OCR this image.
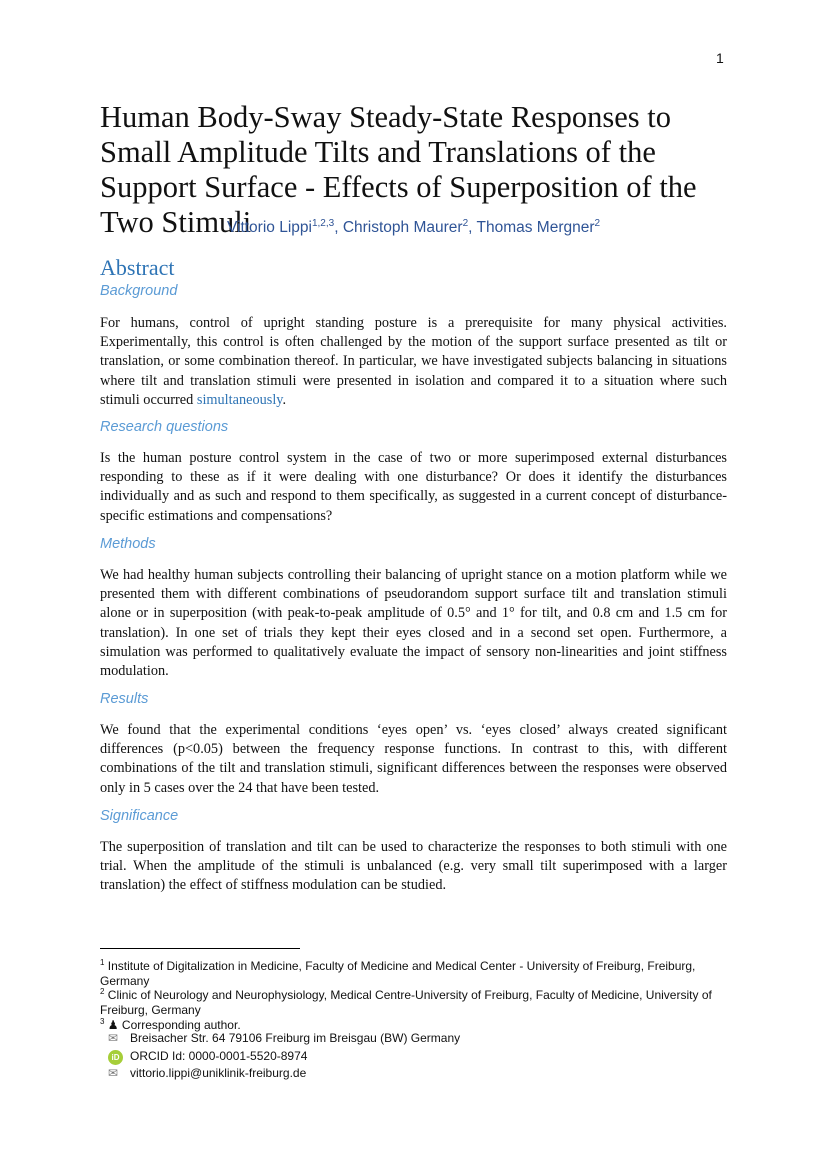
1
Human Body-Sway Steady-State Responses to Small Amplitude Tilts and Translations of the Support Surface - Effects of Superposition of the Two Stimuli
Vittorio Lippi$^{1,2,3}$, Christoph Maurer$^2$, Thomas Mergner$^2$
Abstract
Background
For humans, control of upright standing posture is a prerequisite for many physical activities. Experimentally, this control is often challenged by the motion of the support surface presented as tilt or translation, or some combination thereof. In particular, we have investigated subjects balancing in situations where tilt and translation stimuli were presented in isolation and compared it to a situation where such stimuli occurred simultaneously.
Research questions
Is the human posture control system in the case of two or more superimposed external disturbances responding to these as if it were dealing with one disturbance? Or does it identify the disturbances individually and as such and respond to them specifically, as suggested in a current concept of disturbance-specific estimations and compensations?
Methods
We had healthy human subjects controlling their balancing of upright stance on a motion platform while we presented them with different combinations of pseudorandom support surface tilt and translation stimuli alone or in superposition (with peak-to-peak amplitude of 0.5° and 1° for tilt, and 0.8 cm and 1.5 cm for translation). In one set of trials they kept their eyes closed and in a second set open. Furthermore, a simulation was performed to qualitatively evaluate the impact of sensory non-linearities and joint stiffness modulation.
Results
We found that the experimental conditions ‘eyes open’ vs. ‘eyes closed’ always created significant differences (p<0.05) between the frequency response functions. In contrast to this, with different combinations of the tilt and translation stimuli, significant differences between the responses were observed only in 5 cases over the 24 that have been tested.
Significance
The superposition of translation and tilt can be used to characterize the responses to both stimuli with one trial. When the amplitude of the stimuli is unbalanced (e.g. very small tilt superimposed with a larger translation) the effect of stiffness modulation can be studied.
$^1$ Institute of Digitalization in Medicine, Faculty of Medicine and Medical Center - University of Freiburg, Freiburg, Germany
$^2$ Clinic of Neurology and Neurophysiology, Medical Centre-University of Freiburg, Faculty of Medicine, University of Freiburg, Germany
$^3$ ♟ Corresponding author.
✉ Breisacher Str. 64 79106 Freiburg im Breisgau (BW) Germany
iD ORCID Id: 0000-0001-5520-8974
✉ vittorio.lippi@uniklinik-freiburg.de
